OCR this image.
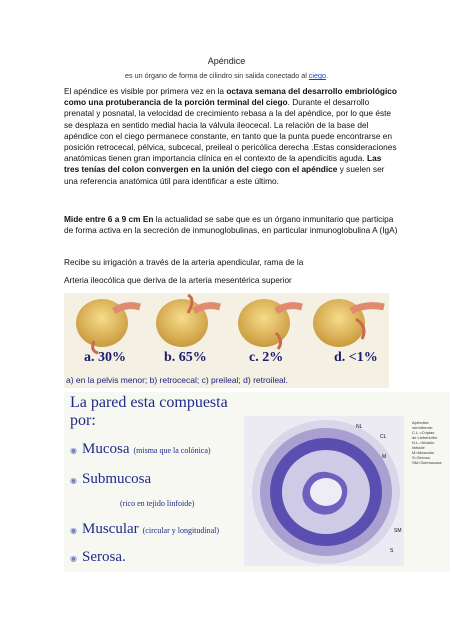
Apéndice
es un órgano de forma de cilindro sin salida conectado al ciego.
El apéndice es visible por primera vez en la octava semana del desarrollo embriológico como una protuberancia de la porción terminal del ciego. Durante el desarrollo prenatal y posnatal, la velocidad de crecimiento rebasa a la del apéndice, por lo que éste se desplaza en sentido medial hacia la válvula ileocecal. La relación de la base del apéndice con el ciego permanece constante, en tanto que la punta puede encontrarse en posición retrocecal, pélvica, subcecal, preileal o pericólica derecha .Estas consideraciones anatómicas tienen gran importancia clínica en el contexto de la apendicitis aguda. Las tres tenías del colon convergen en la unión del ciego con el apéndice y suelen ser una referencia anatómica útil para identificar a este último.
Mide entre 6 a 9 cm En la actualidad se sabe que es un órgano inmunitario que participa de forma activa en la secreción de inmunoglobulinas, en particular inmunoglobulina A (IgA)
Recibe su irrigación a través de la arteria apendicular, rama de la
Arteria ileocólica que deriva de la arteria mesentérica superior
a. 30%	b. 65%	c. 2%	d. <1%
a) en la pelvis menor; b) retrocecal; c) preileal; d) retroileal.
La pared esta compuesta
por:
◉ Mucosa (misma que la colónica)
◉ Submucosa
(rico en tejido linfoide)
◉ Muscular (circular y longitudinal)
◉ Serosa.
NL
CL
M
S
SM
Apéndice
vermiforme:
C.L.=Criptas
de Lieberkühn
N.L.=Nódulo
linfoide
M=Muscular
S=Serosa
SM=Submucosa
